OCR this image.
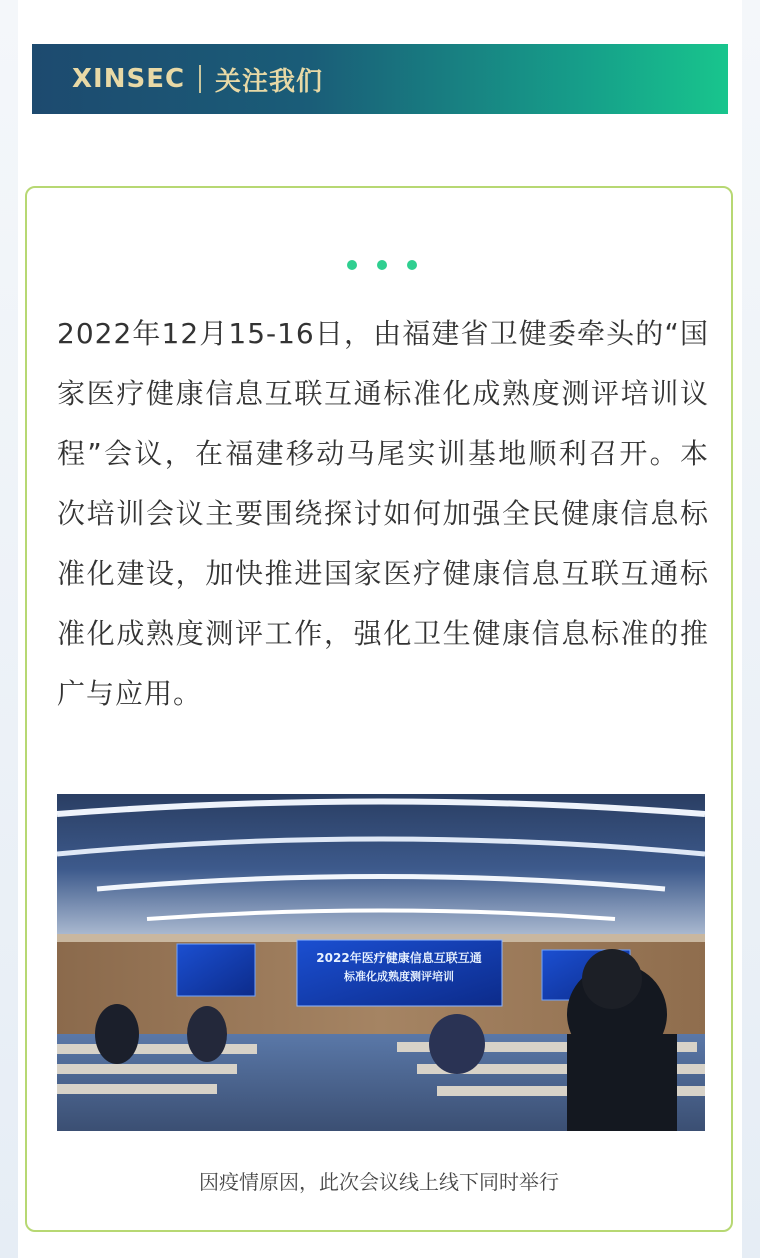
XINSEC 关注我们

2022年12月15-16日，由福建省卫健委牵头的“国家医疗健康信息互联互通标准化成熟度测评培训议程”会议，在福建移动马尾实训基地顺利召开。本次培训会议主要围绕探讨如何加强全民健康信息标准化建设，加快推进国家医疗健康信息互联互通标准化成熟度测评工作，强化卫生健康信息标准的推广与应用。

2022年医疗健康信息互联互通
标准化成熟度测评培训
因疫情原因，此次会议线上线下同时举行
